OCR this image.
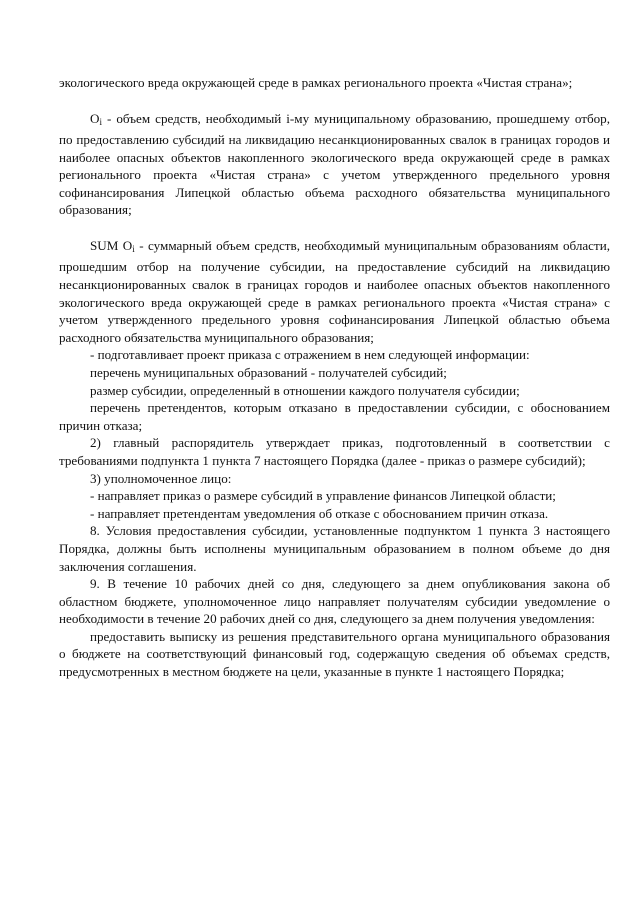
экологического вреда окружающей среде в рамках регионального проекта «Чистая страна»;

$O_i$ - объем средств, необходимый i-му муниципальному образованию, прошедшему отбор, по предоставлению субсидий на ликвидацию несанкционированных свалок в границах городов и наиболее опасных объектов накопленного экологического вреда окружающей среде в рамках регионального проекта «Чистая страна» с учетом утвержденного предельного уровня софинансирования Липецкой областью объема расходного обязательства муниципального образования;

SUM $O_i$ - суммарный объем средств, необходимый муниципальным образованиям области, прошедшим отбор на получение субсидии, на предоставление субсидий на ликвидацию несанкционированных свалок в границах городов и наиболее опасных объектов накопленного экологического вреда окружающей среде в рамках регионального проекта «Чистая страна» с учетом утвержденного предельного уровня софинансирования Липецкой областью объема расходного обязательства муниципального образования;

- подготавливает проект приказа с отражением в нем следующей информации:

перечень муниципальных образований - получателей субсидий;

размер субсидии, определенный в отношении каждого получателя субсидии;

перечень претендентов, которым отказано в предоставлении субсидии, с обоснованием причин отказа;

2) главный распорядитель утверждает приказ, подготовленный в соответствии с требованиями подпункта 1 пункта 7 настоящего Порядка (далее - приказ о размере субсидий);

3) уполномоченное лицо:

- направляет приказ о размере субсидий в управление финансов Липецкой области;

- направляет претендентам уведомления об отказе с обоснованием причин отказа.

8. Условия предоставления субсидии, установленные подпунктом 1 пункта 3 настоящего Порядка, должны быть исполнены муниципальным образованием в полном объеме до дня заключения соглашения.

9. В течение 10 рабочих дней со дня, следующего за днем опубликования закона об областном бюджете, уполномоченное лицо направляет получателям субсидии уведомление о необходимости в течение 20 рабочих дней со дня, следующего за днем получения уведомления:

предоставить выписку из решения представительного органа муниципального образования о бюджете на соответствующий финансовый год, содержащую сведения об объемах средств, предусмотренных в местном бюджете на цели, указанные в пункте 1 настоящего Порядка;
